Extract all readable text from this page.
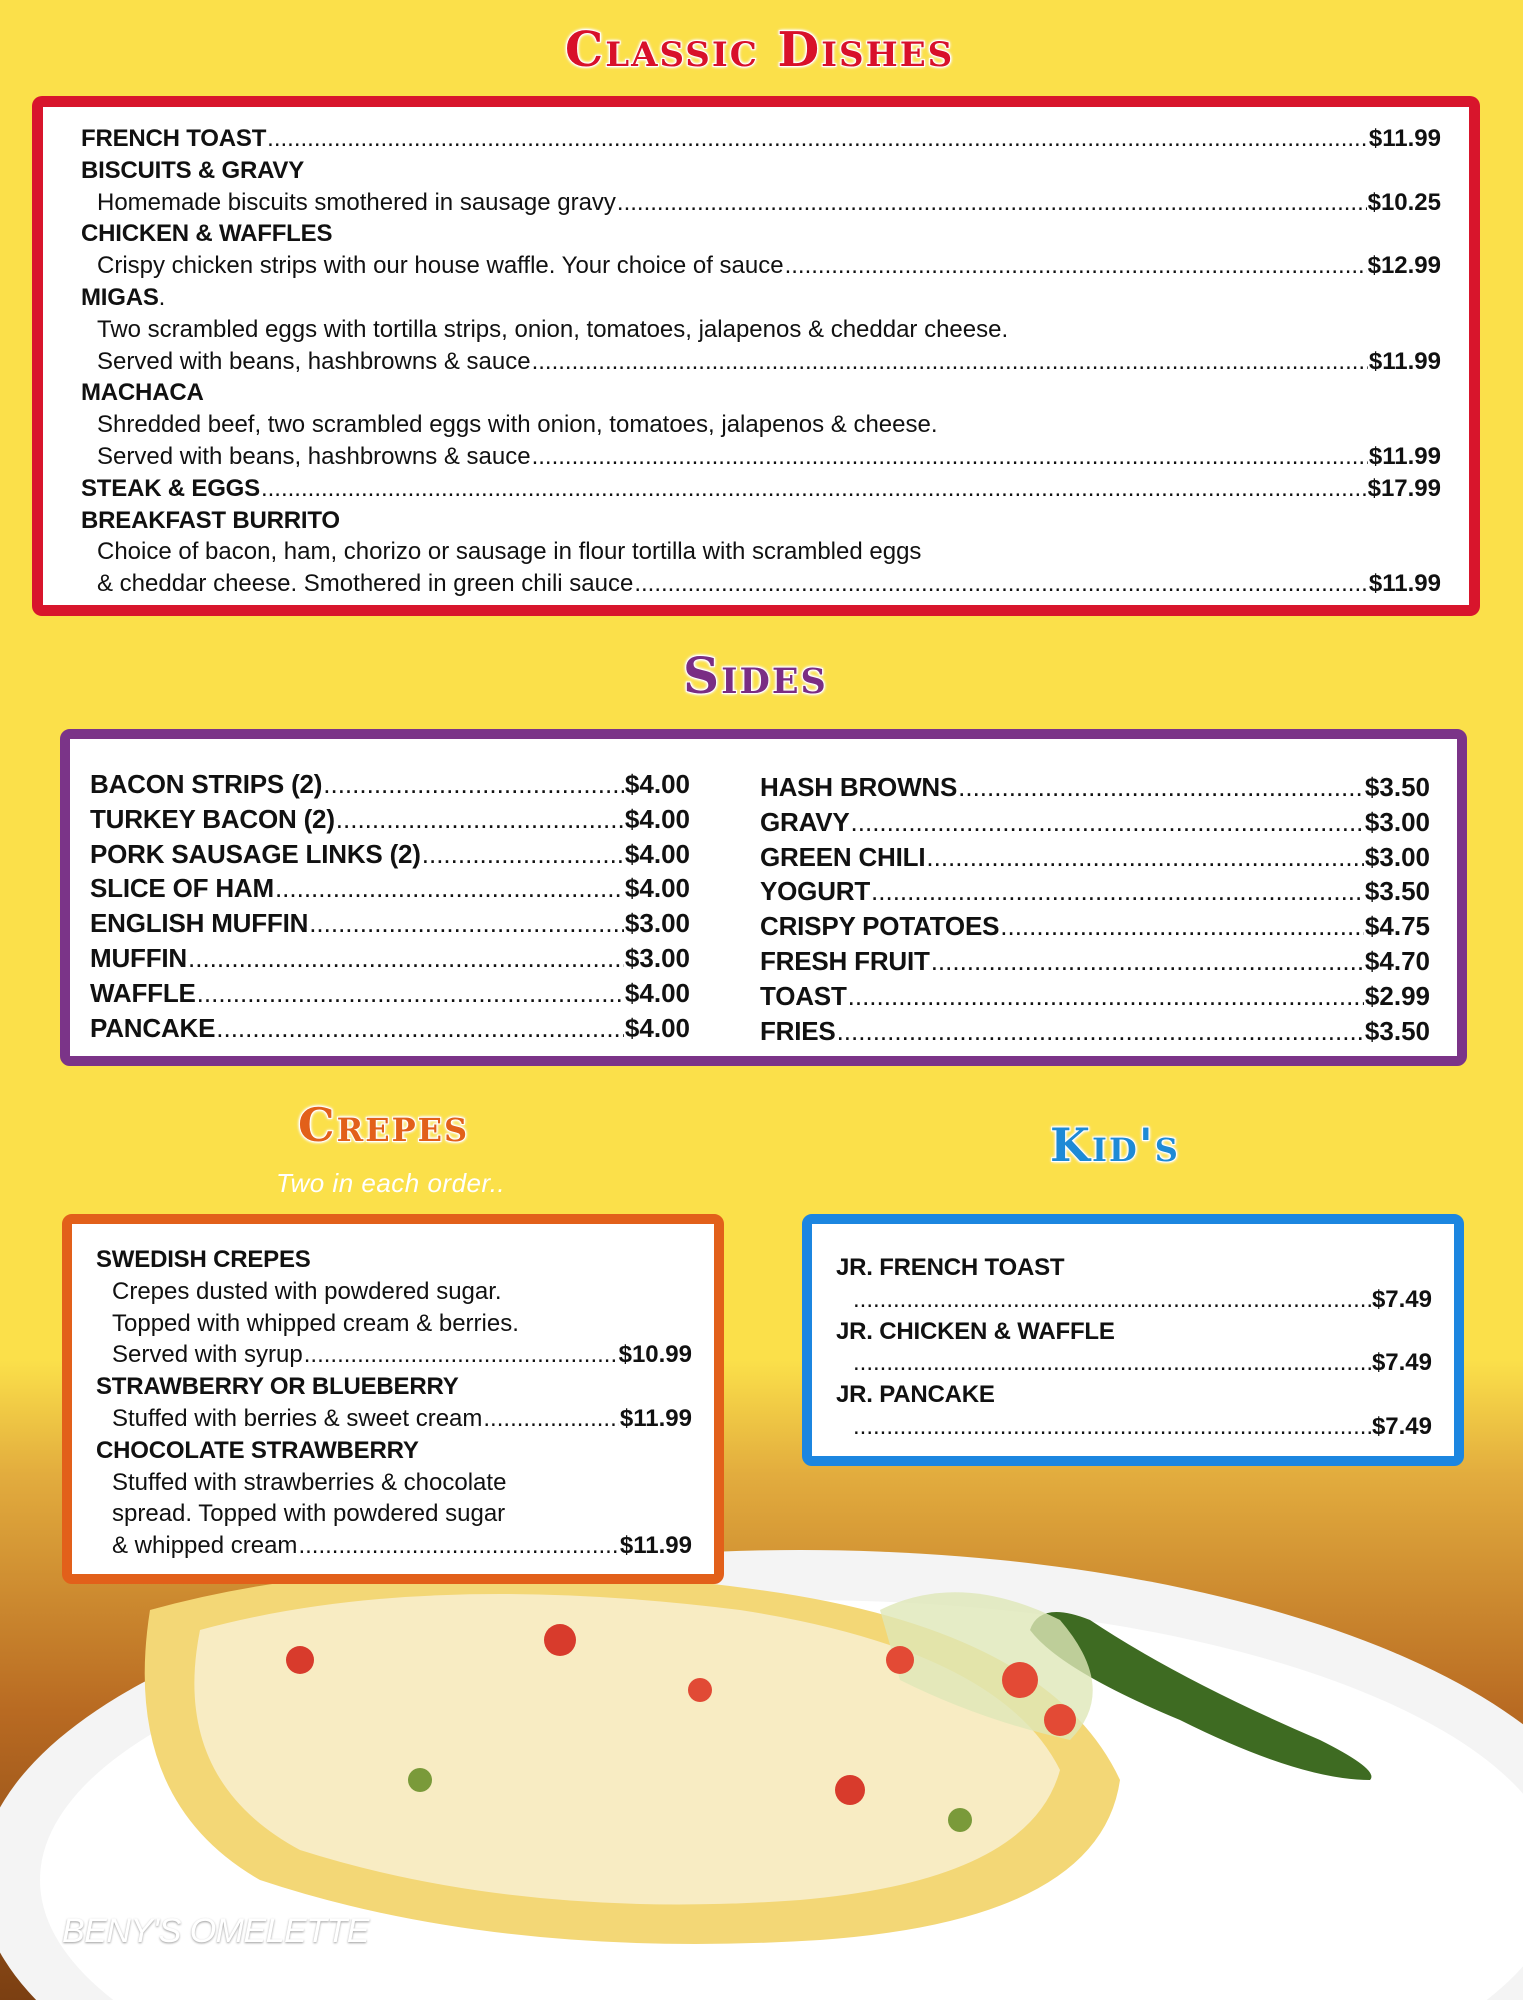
BENY'S OMELETTE
Classic Dishes
Sides
Crepes
Two in each order..
Kid's
FRENCH TOAST .....	$11.99
BISCUITS & GRAVY
Homemade biscuits smothered in sausage gravy .....	$10.25
CHICKEN & WAFFLES
Crispy chicken strips with our house waffle. Your choice of sauce .....	$12.99
MIGAS .
Two scrambled eggs with tortilla strips, onion, tomatoes, jalapenos & cheddar cheese.
Served with beans, hashbrowns & sauce .....	$11.99
MACHACA
Shredded beef, two scrambled eggs with onion, tomatoes, jalapenos & cheese.
Served with beans, hashbrowns & sauce .....	$11.99
STEAK & EGGS .....	$17.99
BREAKFAST BURRITO
Choice of bacon, ham, chorizo or sausage in flour tortilla with scrambled eggs
& cheddar cheese. Smothered in green chili sauce .....	$11.99
BACON STRIPS (2) .....	$4.00
TURKEY BACON (2) .....	$4.00
PORK SAUSAGE LINKS (2) .....	$4.00
SLICE OF HAM .....	$4.00
ENGLISH MUFFIN .....	$3.00
MUFFIN .....	$3.00
WAFFLE .....	$4.00
PANCAKE .....	$4.00
HASH BROWNS .....	$3.50
GRAVY .....	$3.00
GREEN CHILI .....	$3.00
YOGURT .....	$3.50
CRISPY POTATOES .....	$4.75
FRESH FRUIT .....	$4.70
TOAST .....	$2.99
FRIES .....	$3.50
SWEDISH CREPES
Crepes dusted with powdered sugar.
Topped with whipped cream & berries.
Served with syrup .....	$10.99
STRAWBERRY OR BLUEBERRY
Stuffed with berries & sweet cream .....	$11.99
CHOCOLATE STRAWBERRY
Stuffed with strawberries & chocolate
spread. Topped with powdered sugar
& whipped cream .....	$11.99
JR. FRENCH TOAST
.....
$7.49
JR. CHICKEN & WAFFLE
.....
$7.49
JR. PANCAKE
.....
$7.49
